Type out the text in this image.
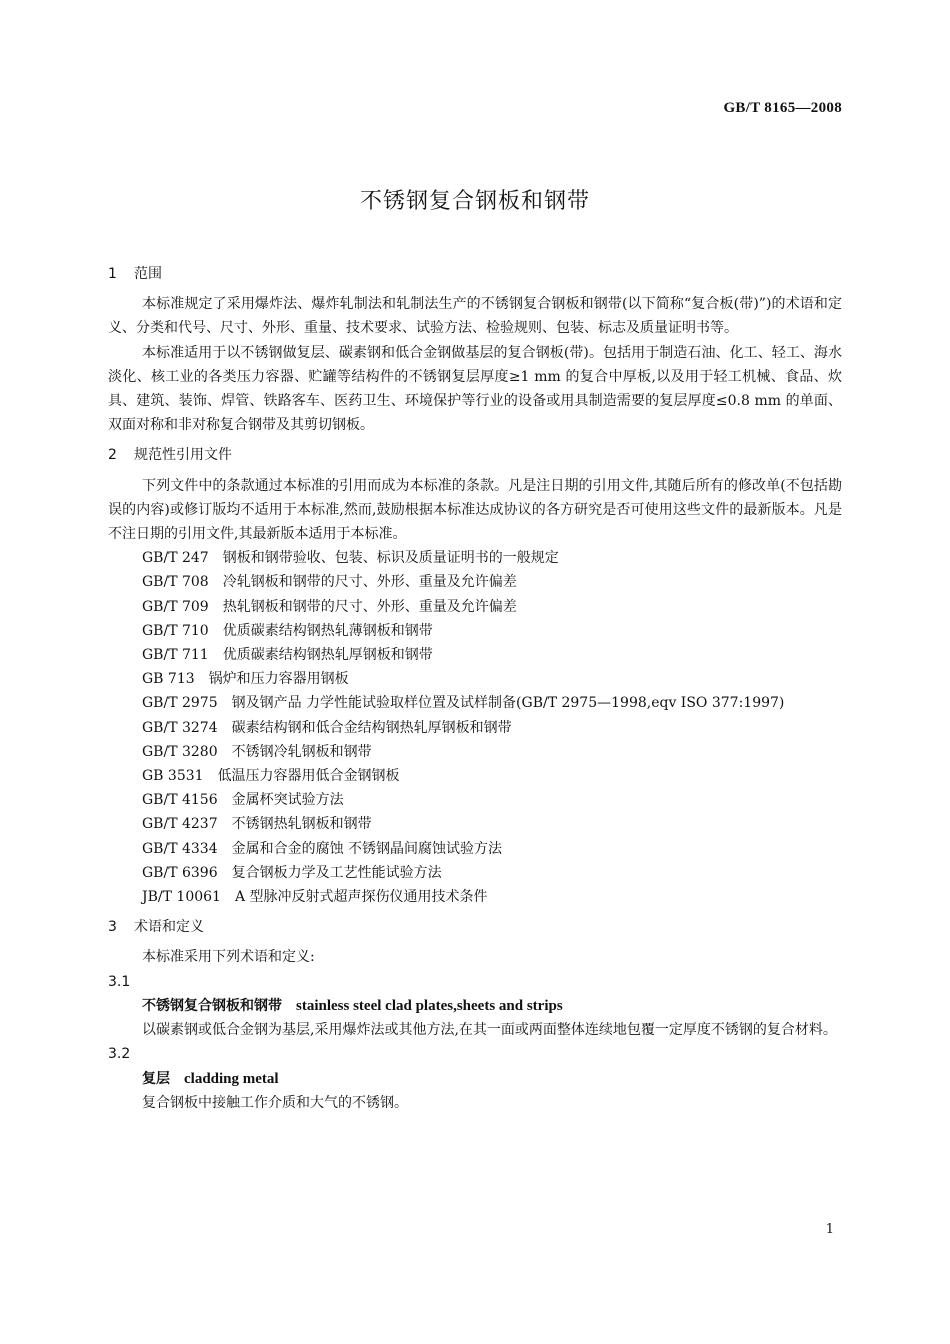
GB/T 8165—2008
不锈钢复合钢板和钢带
1 范围

本标准规定了采用爆炸法、爆炸轧制法和轧制法生产的不锈钢复合钢板和钢带(以下简称“复合板(带)”)的术语和定义、分类和代号、尺寸、外形、重量、技术要求、试验方法、检验规则、包装、标志及质量证明书等。

本标准适用于以不锈钢做复层、碳素钢和低合金钢做基层的复合钢板(带)。包括用于制造石油、化工、轻工、海水淡化、核工业的各类压力容器、贮罐等结构件的不锈钢复层厚度≥1 mm 的复合中厚板,以及用于轻工机械、食品、炊具、建筑、装饰、焊管、铁路客车、医药卫生、环境保护等行业的设备或用具制造需要的复层厚度≤0.8 mm 的单面、双面对称和非对称复合钢带及其剪切钢板。

2 规范性引用文件

下列文件中的条款通过本标准的引用而成为本标准的条款。凡是注日期的引用文件,其随后所有的修改单(不包括勘误的内容)或修订版均不适用于本标准,然而,鼓励根据本标准达成协议的各方研究是否可使用这些文件的最新版本。凡是不注日期的引用文件,其最新版本适用于本标准。

GB/T 247 钢板和钢带验收、包装、标识及质量证明书的一般规定

GB/T 708 冷轧钢板和钢带的尺寸、外形、重量及允许偏差

GB/T 709 热轧钢板和钢带的尺寸、外形、重量及允许偏差

GB/T 710 优质碳素结构钢热轧薄钢板和钢带

GB/T 711 优质碳素结构钢热轧厚钢板和钢带

GB 713 锅炉和压力容器用钢板

GB/T 2975 钢及钢产品 力学性能试验取样位置及试样制备(GB/T 2975—1998,eqv ISO 377:1997)

GB/T 3274 碳素结构钢和低合金结构钢热轧厚钢板和钢带

GB/T 3280 不锈钢冷轧钢板和钢带

GB 3531 低温压力容器用低合金钢钢板

GB/T 4156 金属杯突试验方法

GB/T 4237 不锈钢热轧钢板和钢带

GB/T 4334 金属和合金的腐蚀 不锈钢晶间腐蚀试验方法

GB/T 6396 复合钢板力学及工艺性能试验方法

JB/T 10061 A 型脉冲反射式超声探伤仪通用技术条件

3 术语和定义

本标准采用下列术语和定义:

3.1

不锈钢复合钢板和钢带 stainless steel clad plates,sheets and strips

以碳素钢或低合金钢为基层,采用爆炸法或其他方法,在其一面或两面整体连续地包覆一定厚度不锈钢的复合材料。

3.2

复层 cladding metal

复合钢板中接触工作介质和大气的不锈钢。

1
